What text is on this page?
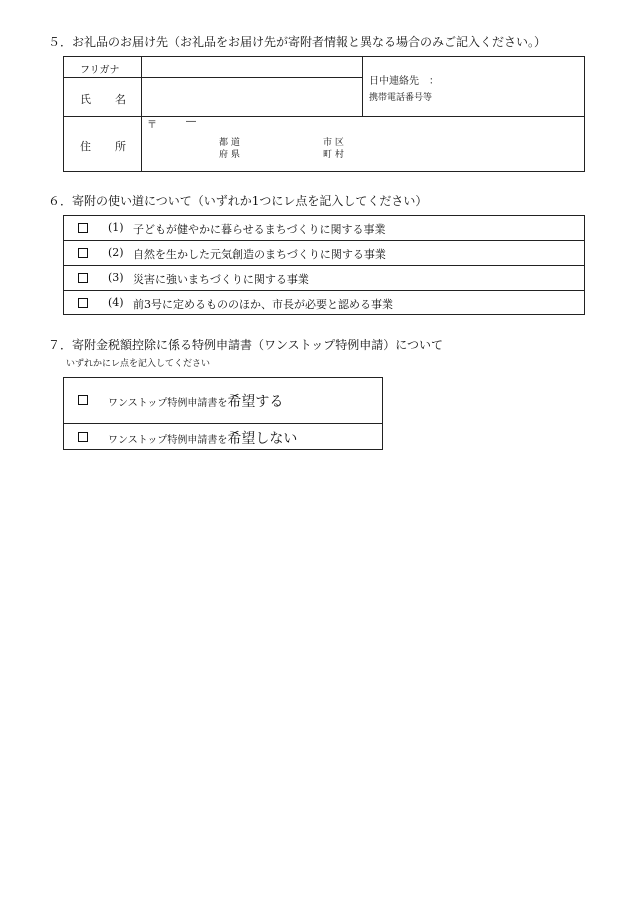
５．お礼品のお届け先（お礼品をお届け先が寄附者情報と異なる場合のみご記入ください。）
フリガナ
氏 名
日中連絡先　：
携帯電話番号等
住 所
〒	―
都 道
府 県
市 区
町 村
６．寄附の使い道について（いずれか1つにレ点を記入してください）
(1) 子どもが健やかに暮らせるまちづくりに関する事業
(2) 自然を生かした元気創造のまちづくりに関する事業
(3) 災害に強いまちづくりに関する事業
(4) 前3号に定めるもののほか、市長が必要と認める事業
７．寄附金税額控除に係る特例申請書（ワンストップ特例申請）について
いずれかにレ点を記入してください
ワンストップ特例申請書を希望する
ワンストップ特例申請書を希望しない
